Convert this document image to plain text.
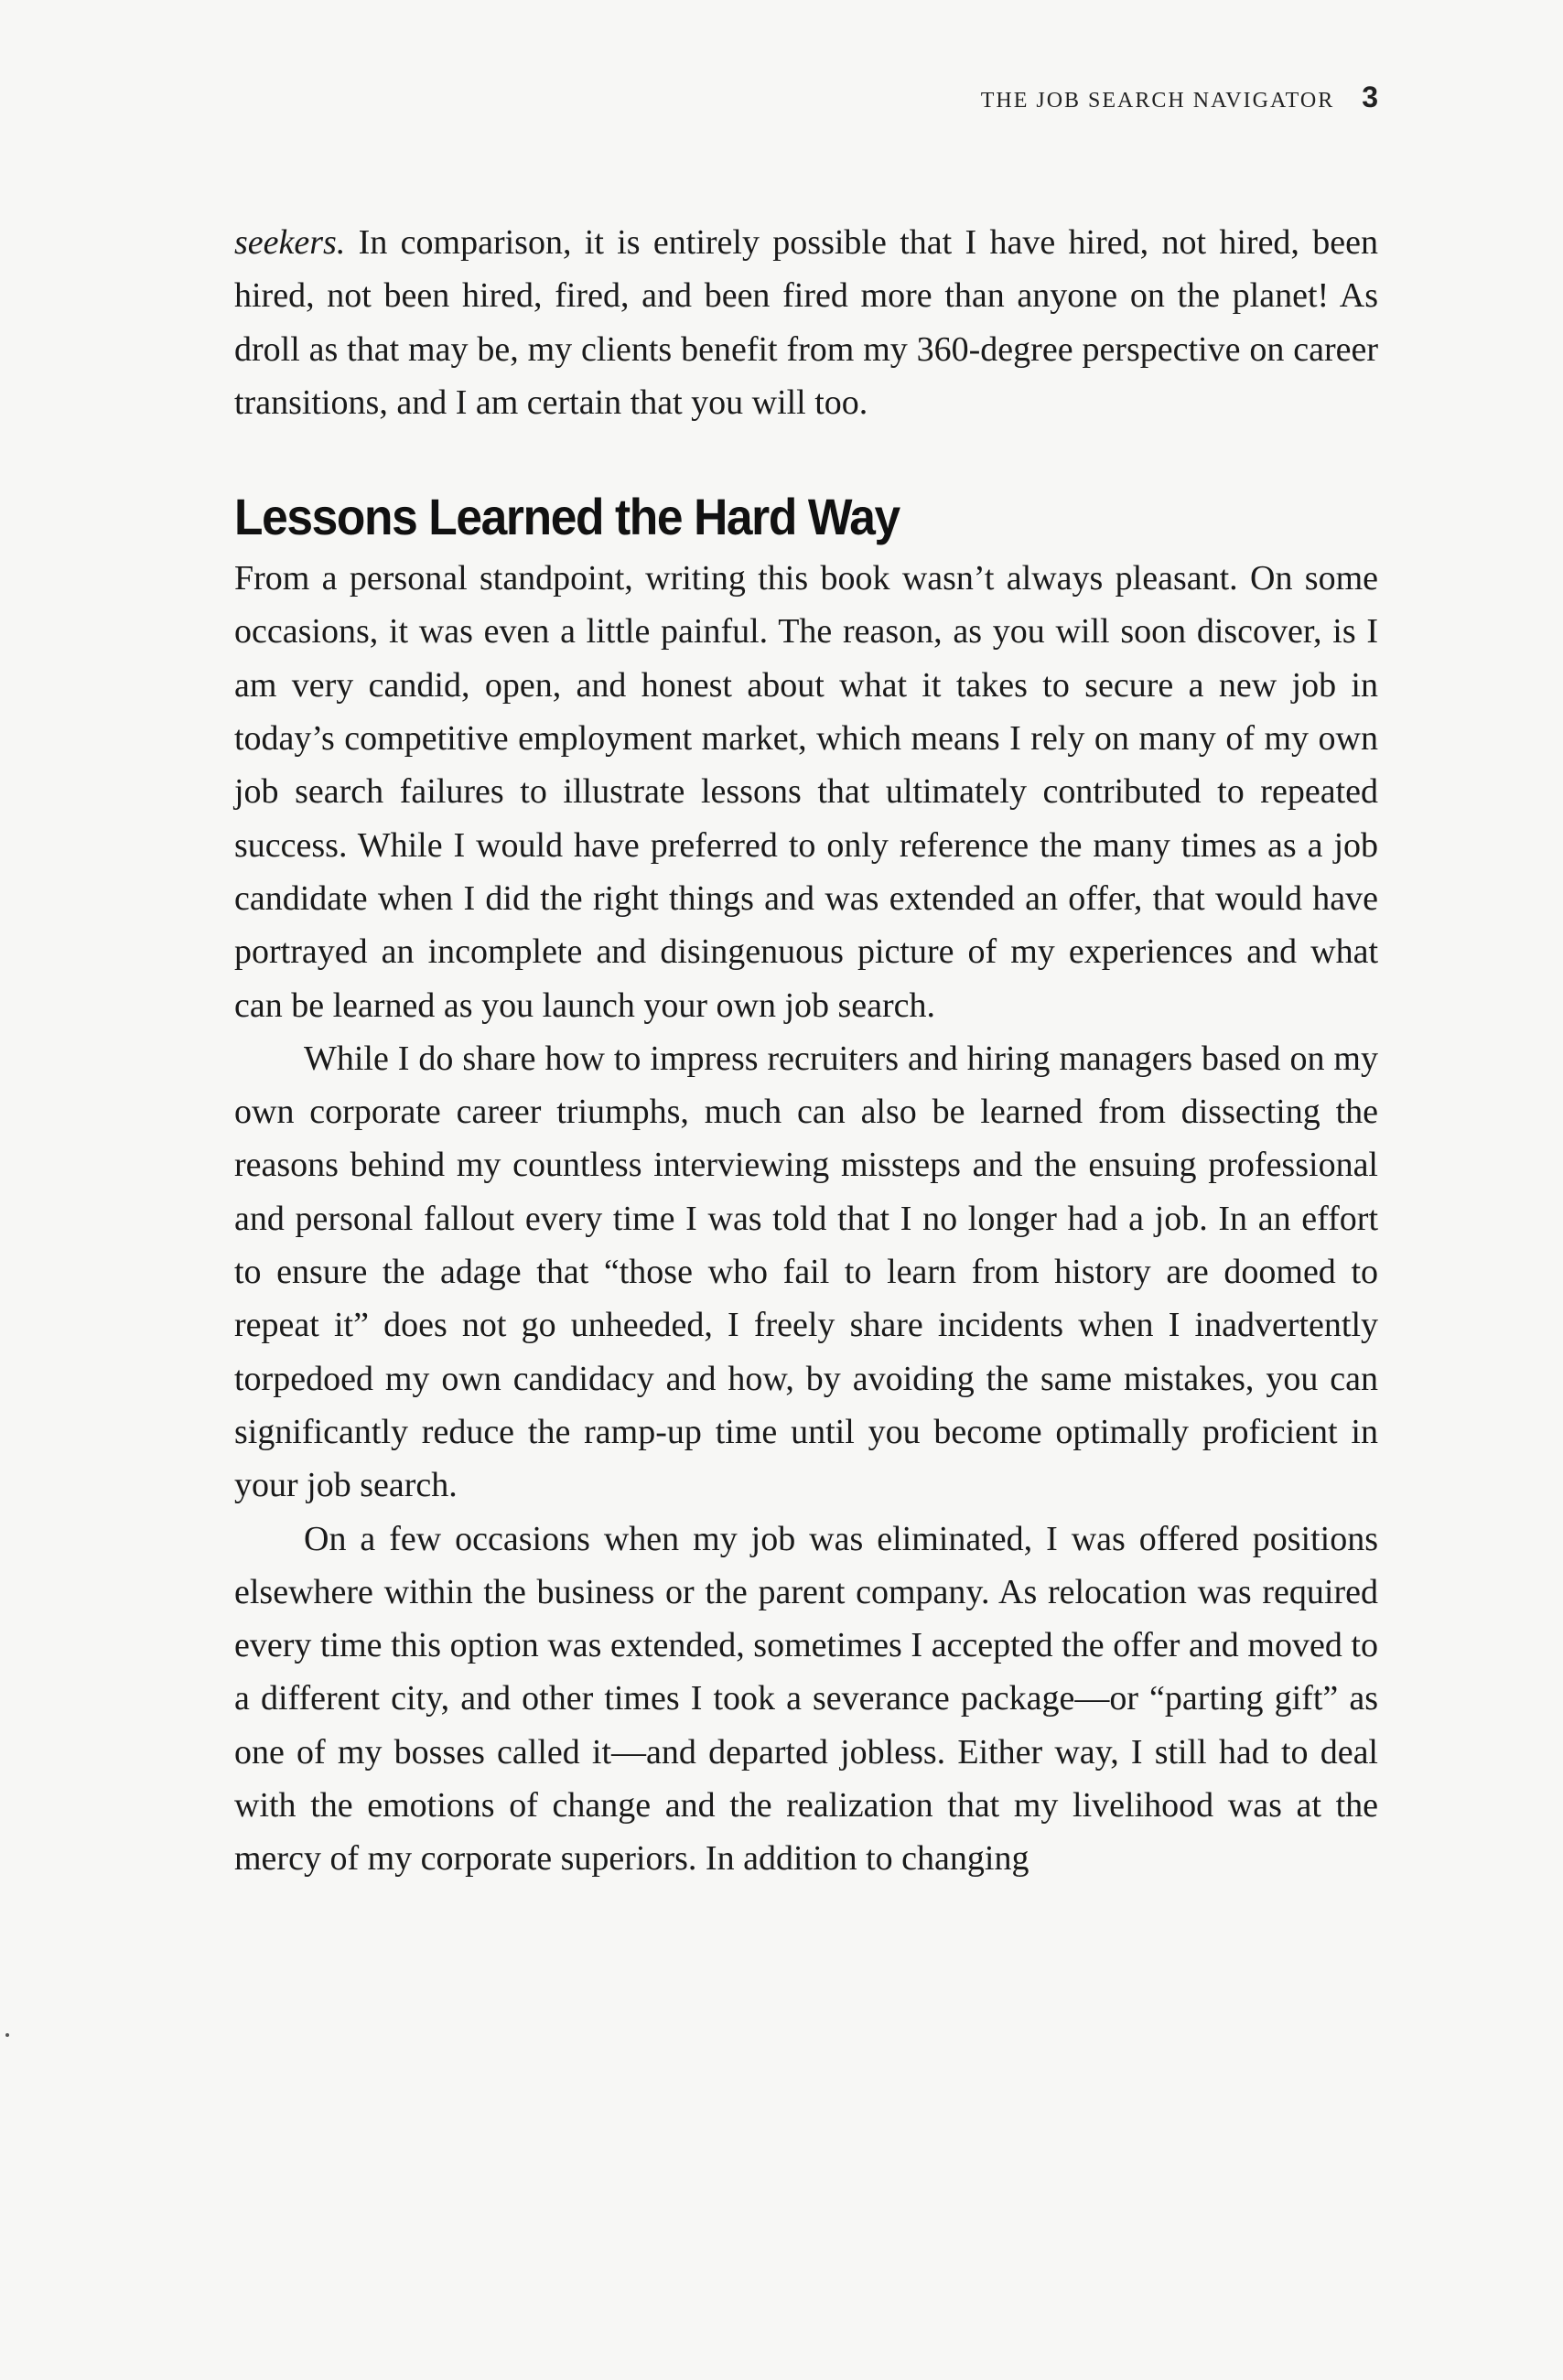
THE JOB SEARCH NAVIGATOR 3

seekers. In comparison, it is entirely possible that I have hired, not hired, been hired, not been hired, fired, and been fired more than anyone on the planet! As droll as that may be, my clients benefit from my 360-degree perspective on career transitions, and I am certain that you will too.

Lessons Learned the Hard Way

From a personal standpoint, writing this book wasn’t always pleasant. On some occasions, it was even a little painful. The reason, as you will soon discover, is I am very candid, open, and honest about what it takes to secure a new job in today’s competitive employment market, which means I rely on many of my own job search failures to illustrate lessons that ultimately contributed to repeated success. While I would have preferred to only reference the many times as a job candidate when I did the right things and was extended an offer, that would have portrayed an incomplete and disingenuous picture of my experiences and what can be learned as you launch your own job search.

While I do share how to impress recruiters and hiring managers based on my own corporate career triumphs, much can also be learned from dissecting the reasons behind my countless interviewing missteps and the ensuing professional and personal fallout every time I was told that I no longer had a job. In an effort to ensure the adage that “those who fail to learn from history are doomed to repeat it” does not go unheeded, I freely share incidents when I inadvertently torpedoed my own candidacy and how, by avoiding the same mistakes, you can significantly reduce the ramp-up time until you become optimally proficient in your job search.

On a few occasions when my job was eliminated, I was offered positions elsewhere within the business or the parent company. As relocation was required every time this option was extended, sometimes I accepted the offer and moved to a different city, and other times I took a severance package—or “parting gift” as one of my bosses called it—and departed jobless. Either way, I still had to deal with the emotions of change and the realization that my livelihood was at the mercy of my corporate superiors. In addition to changing
